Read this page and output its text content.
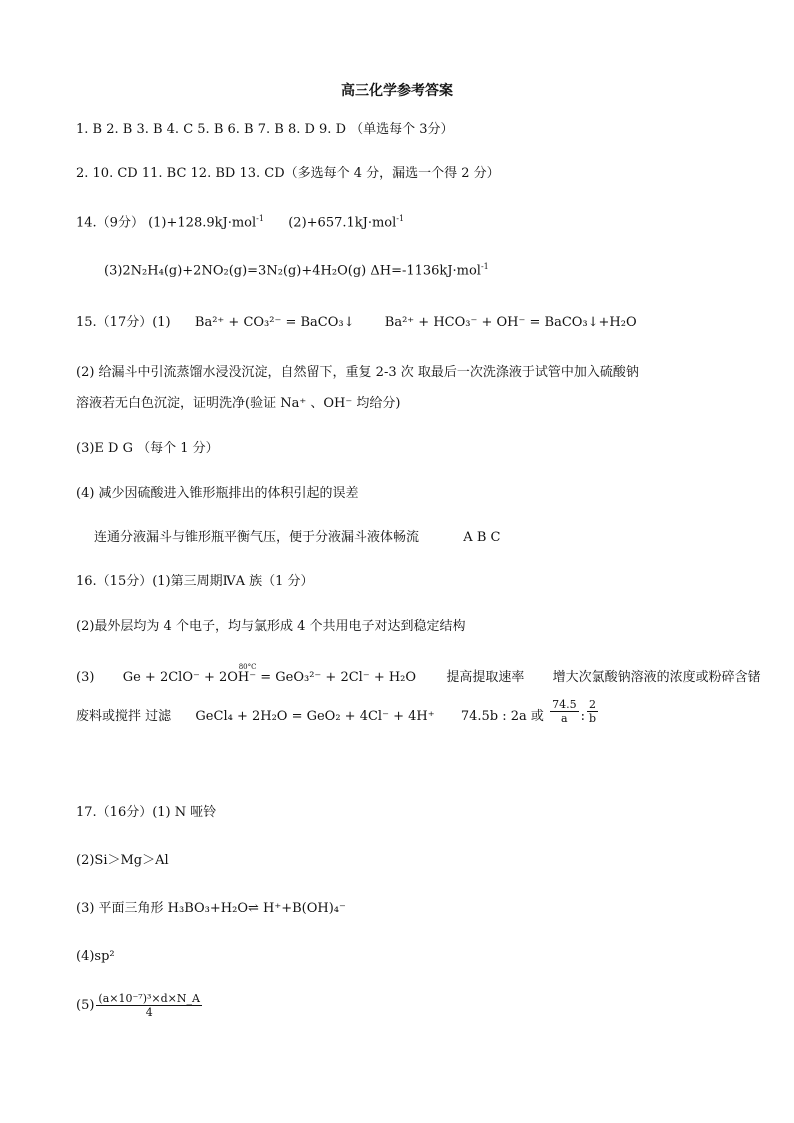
高三化学参考答案
1. B 2. B 3. B 4. C 5. B 6. B 7. B 8. D 9. D （单选每个 3分）
2. 10. CD 11. BC 12. BD 13. CD（多选每个 4 分，漏选一个得 2 分）
14.（9分） (1)+128.9kJ·mol$^{-1}$ (2)+657.1kJ·mol$^{-1}$
(3)2N₂H₄(g)+2NO₂(g)=3N₂(g)+4H₂O(g) ΔH=-1136kJ·mol$^{-1}$
15.（17分）(1) Ba²⁺ + CO₃²⁻ = BaCO₃↓ Ba²⁺ + HCO₃⁻ + OH⁻ = BaCO₃↓+H₂O
(2) 给漏斗中引流蒸馏水浸没沉淀，自然留下，重复 2-3 次 取最后一次洗涤液于试管中加入硫酸钠
溶液若无白色沉淀，证明洗净(验证 Na⁺ 、OH⁻ 均给分)
(3)E D G （每个 1 分）
(4) 减少因硫酸进入锥形瓶排出的体积引起的误差
连通分液漏斗与锥形瓶平衡气压，便于分液漏斗液体畅流	A B C
16.（15分）(1)第三周期ⅣA 族（1 分）
(2)最外层均为 4 个电子，均与氯形成 4 个共用电子对达到稳定结构
(3)
80°C
Ge + 2ClO⁻ + 2OH⁻ = GeO₃²⁻ + 2Cl⁻ + H₂O 提高提取速率 增大次氯酸钠溶液的浓度或粉碎含锗
废料或搅拌 过滤 GeCl₄ + 2H₂O = GeO₂ + 4Cl⁻ + 4H⁺ 74.5b : 2a 或 $\frac{74.5}{a}$ : $\frac{2}{b}$
17.（16分）(1) N 哑铃
(2)Si＞Mg＞Al
(3) 平面三角形 H₃BO₃+H₂O⇌ H⁺+B(OH)₄⁻
(4)sp²
$(5) \frac{\text{(a×10⁻⁷)³×d×N\_A}}{4}$
